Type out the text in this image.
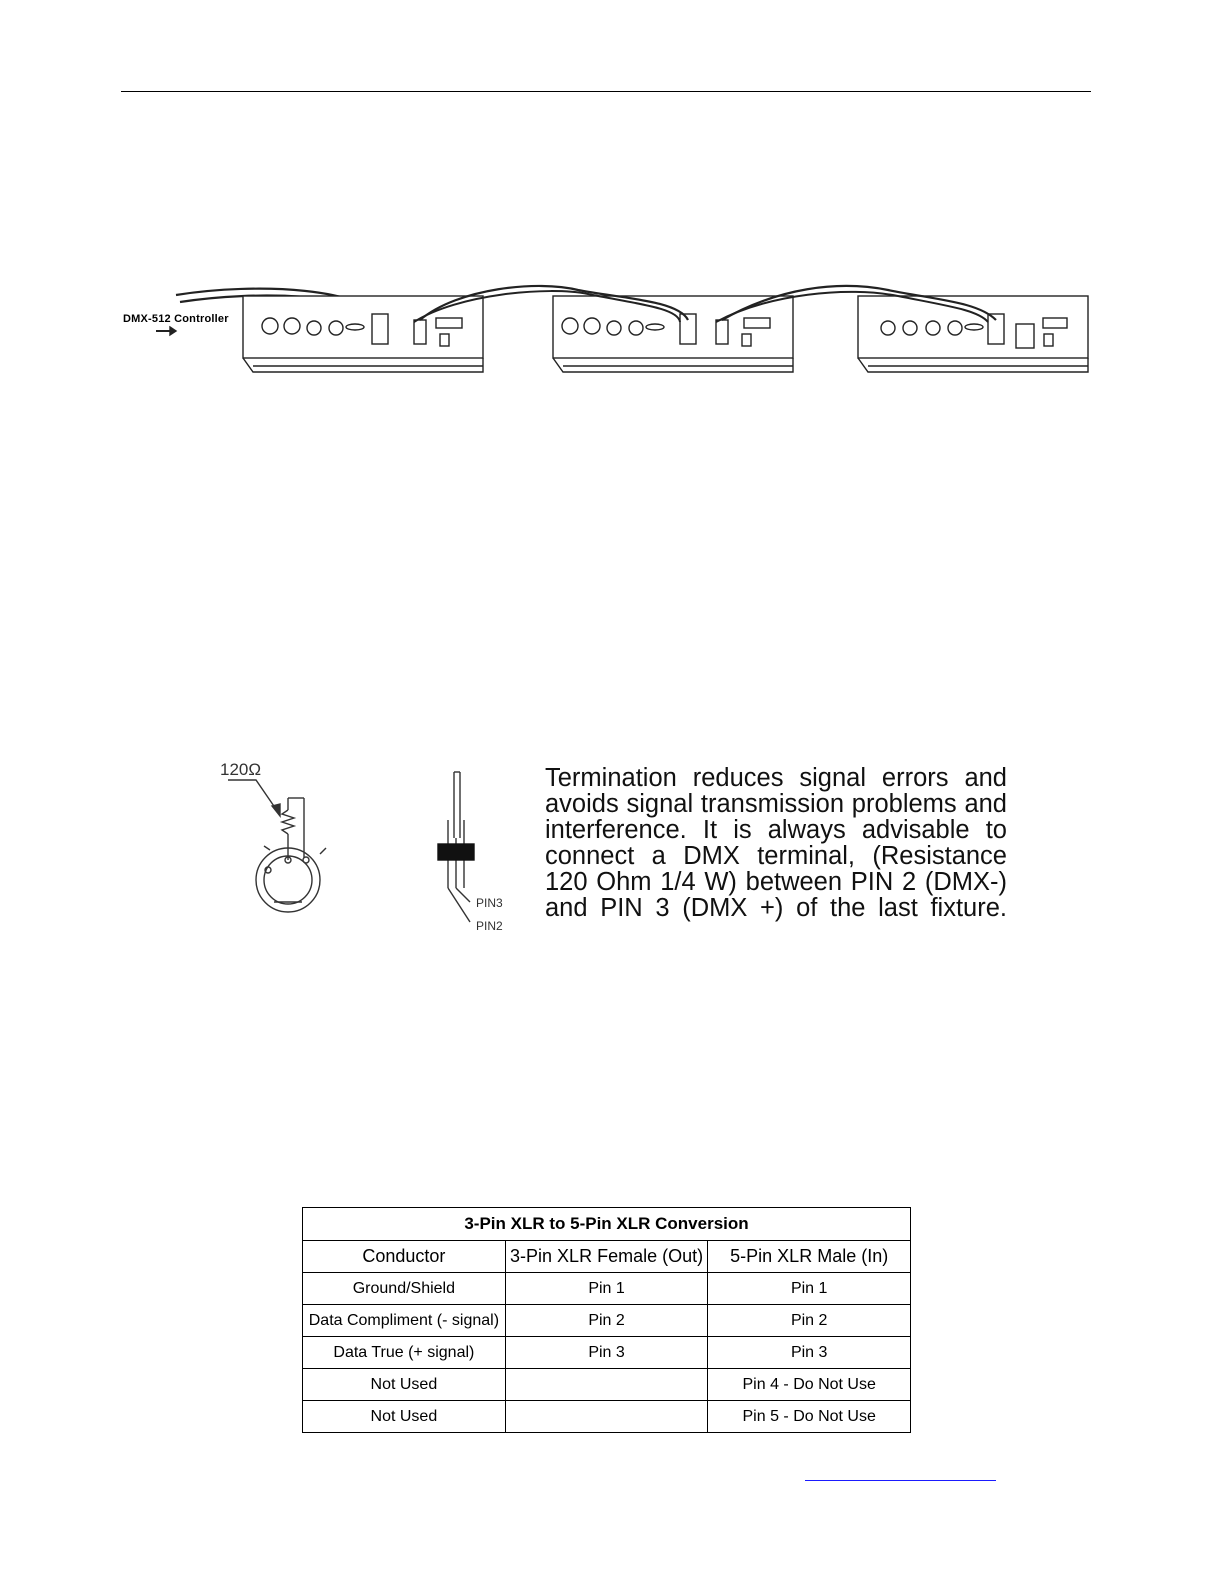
DMX-512 Controller
120Ω
PIN3
PIN2
Termination reduces signal errors and avoids signal transmission problems and interference. It is always advisable to connect a DMX terminal, (Resistance 120 Ohm 1/4 W) between PIN 2 (DMX-) and PIN 3 (DMX +) of the last fixture.
3-Pin XLR to 5-Pin XLR Conversion		
Conductor	3-Pin XLR Female (Out)	5-Pin XLR Male (In)
Ground/Shield	Pin 1	Pin 1
Data Compliment (- signal)	Pin 2	Pin 2
Data True (+ signal)	Pin 3	Pin 3
Not Used		Pin 4 - Do Not Use
Not Used		Pin 5 - Do Not Use
